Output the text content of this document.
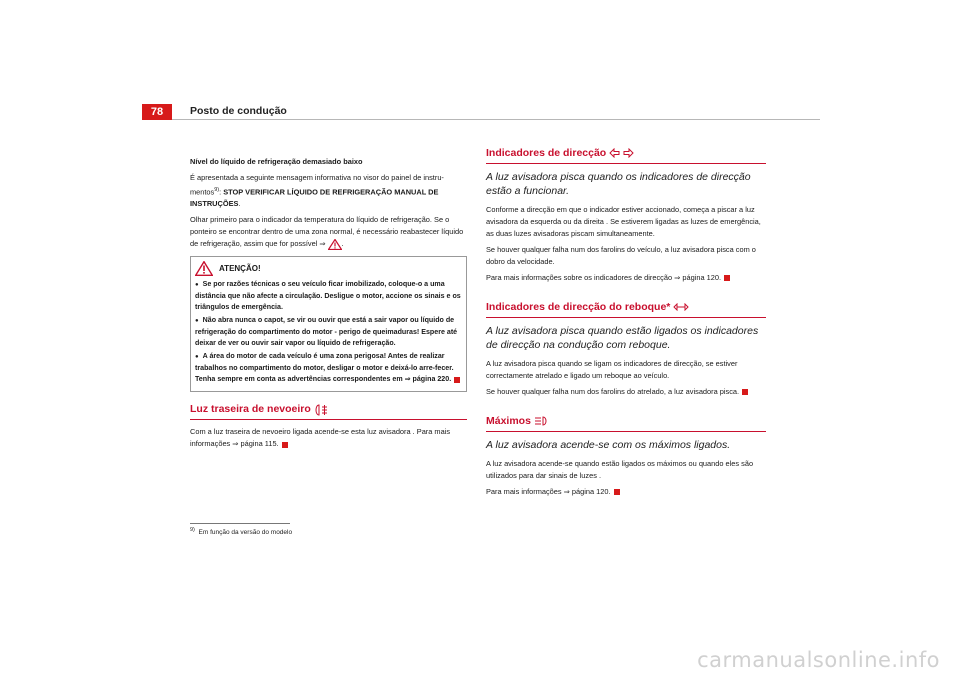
78	Posto de condução

Nível do líquido de refrigeração demasiado baixo

É apresentada a seguinte mensagem informativa no visor do painel de instru-mentos$^{9)}$: STOP VERIFICAR LÍQUIDO DE REFRIGERAÇÃO MANUAL DE INSTRUÇÕES.

Olhar primeiro para o indicador da temperatura do líquido de refrigeração. Se o ponteiro se encontrar dentro de uma zona normal, é necessário reabastecer líquido de refrigeração, assim que for possível ⇒ .

ATENÇÃO!
● Se por razões técnicas o seu veículo ficar imobilizado, coloque-o a uma distância que não afecte a circulação. Desligue o motor, accione os sinais e os triângulos de emergência.
● Não abra nunca o capot, se vir ou ouvir que está a sair vapor ou líquido de refrigeração do compartimento do motor - perigo de queimaduras! Espere até deixar de ver ou ouvir sair vapor ou líquido de refrigeração.
● A área do motor de cada veículo é uma zona perigosa! Antes de realizar trabalhos no compartimento do motor, desligar o motor e deixá-lo arre-fecer. Tenha sempre em conta as advertências correspondentes em ⇒ página 220.
Luz traseira de nevoeiro

Com a luz traseira de nevoeiro ligada acende-se esta luz avisadora . Para mais informações ⇒ página 115.

Indicadores de direcção
A luz avisadora pisca quando os indicadores de direcção estão a funcionar.

Conforme a direcção em que o indicador estiver accionado, começa a piscar a luz avisadora da esquerda ou da direita . Se estiverem ligadas as luzes de emergência, as duas luzes avisadoras piscam simultaneamente.

Se houver qualquer falha num dos farolins do veículo, a luz avisadora pisca com o dobro da velocidade.

Para mais informações sobre os indicadores de direcção ⇒ página 120.

Indicadores de direcção do reboque*
A luz avisadora pisca quando estão ligados os indicadores de direcção na condução com reboque.

A luz avisadora pisca quando se ligam os indicadores de direcção, se estiver correctamente atrelado e ligado um reboque ao veículo.

Se houver qualquer falha num dos farolins do atrelado, a luz avisadora pisca.

Máximos
A luz avisadora acende-se com os máximos ligados.

A luz avisadora acende-se quando estão ligados os máximos ou quando eles são utilizados para dar sinais de luzes .

Para mais informações ⇒ página 120.

$^{9)}$ Em função da versão do modelo
carmanualsonline.info
